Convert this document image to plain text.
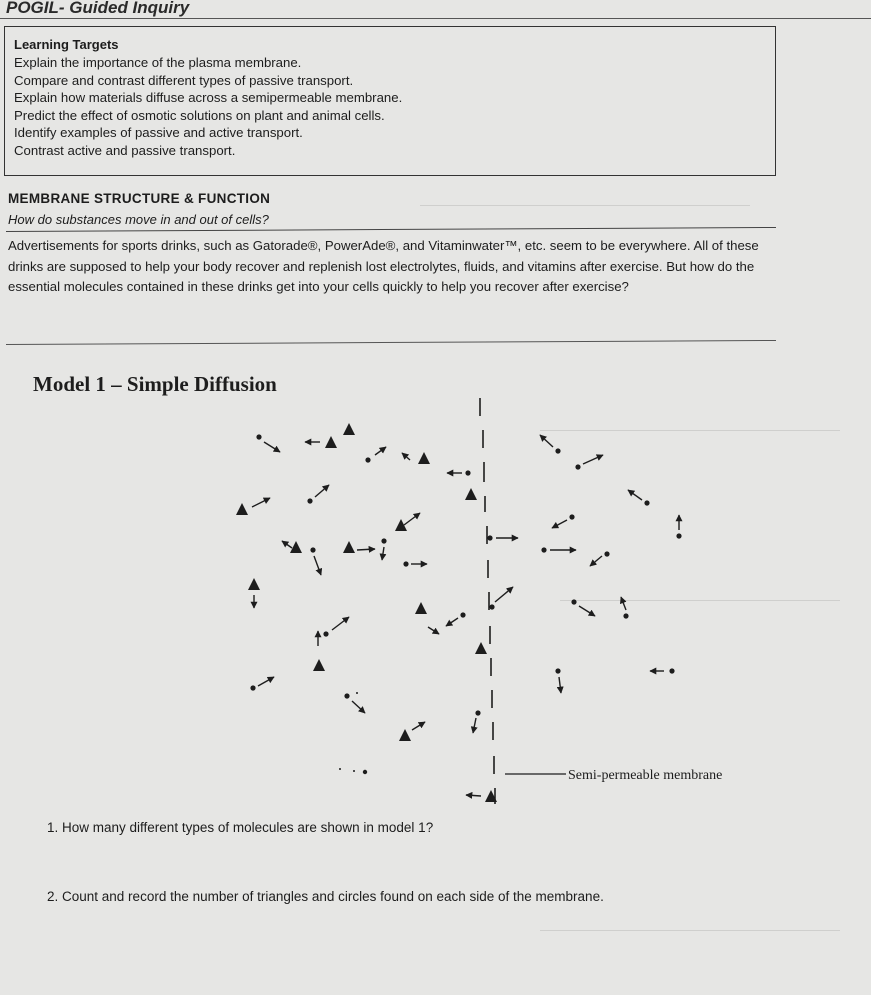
POGIL- Guided Inquiry
Learning Targets
Explain the importance of the plasma membrane.
Compare and contrast different types of passive transport.
Explain how materials diffuse across a semipermeable membrane.
Predict the effect of osmotic solutions on plant and animal cells.
Identify examples of passive and active transport.
Contrast active and passive transport.
MEMBRANE STRUCTURE & FUNCTION
How do substances move in and out of cells?
Advertisements for sports drinks, such as Gatorade®, PowerAde®, and Vitaminwater™, etc. seem to be everywhere. All of these drinks are supposed to help your body recover and replenish lost electrolytes, fluids, and vitamins after exercise. But how do the essential molecules contained in these drinks get into your cells quickly to help you recover after exercise?
Model 1 – Simple Diffusion
Semi-permeable membrane
1. How many different types of molecules are shown in model 1?
2. Count and record the number of triangles and circles found on each side of the membrane.
